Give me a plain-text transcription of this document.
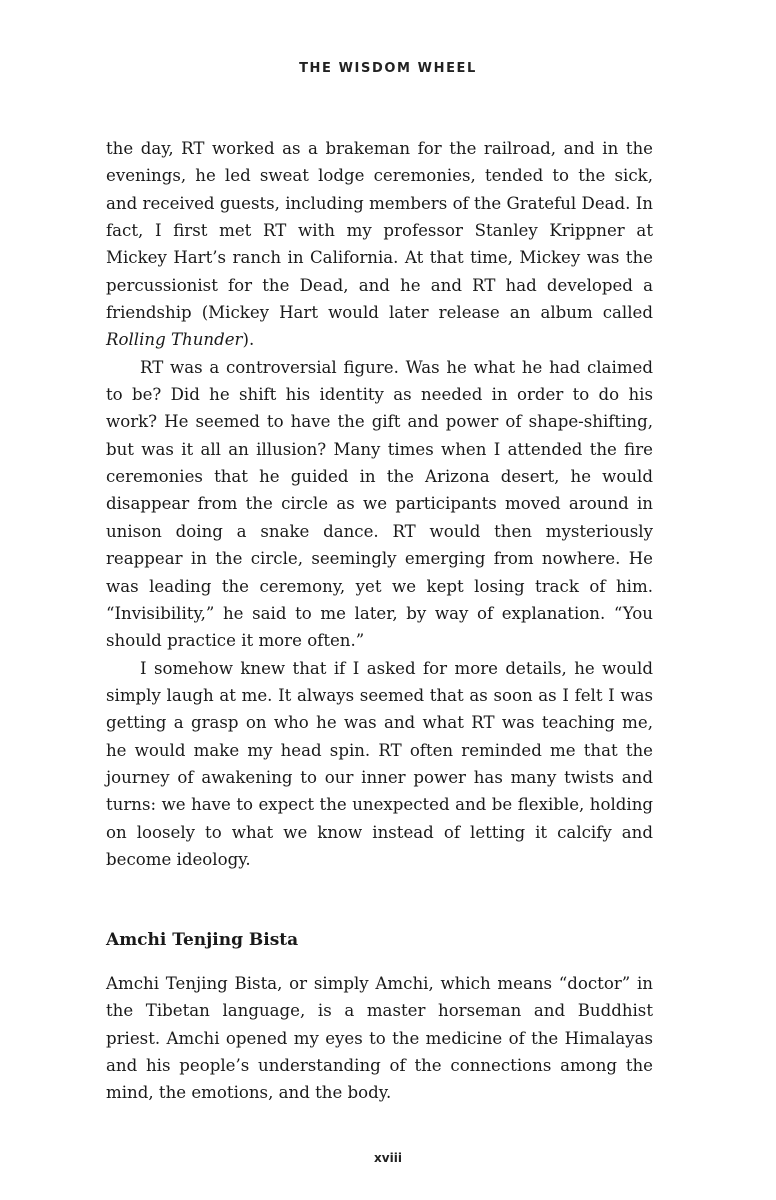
THE WISDOM WHEEL

the day, RT worked as a brakeman for the railroad, and in the evenings, he led sweat lodge ceremonies, tended to the sick, and received guests, including members of the Grateful Dead. In fact, I first met RT with my professor Stanley Krippner at Mickey Hart’s ranch in California. At that time, Mickey was the percussionist for the Dead, and he and RT had developed a friendship (Mickey Hart would later release an album called Rolling Thunder).

RT was a controversial figure. Was he what he had claimed to be? Did he shift his identity as needed in order to do his work? He seemed to have the gift and power of shape-shifting, but was it all an illusion? Many times when I attended the fire ceremonies that he guided in the Arizona desert, he would disappear from the circle as we participants moved around in unison doing a snake dance. RT would then mysteriously reappear in the circle, seemingly emerging from nowhere. He was leading the ceremony, yet we kept losing track of him. “Invisibility,” he said to me later, by way of explanation. “You should practice it more often.”

I somehow knew that if I asked for more details, he would simply laugh at me. It always seemed that as soon as I felt I was getting a grasp on who he was and what RT was teaching me, he would make my head spin. RT often reminded me that the journey of awakening to our inner power has many twists and turns: we have to expect the unexpected and be flexible, holding on loosely to what we know instead of letting it calcify and become ideology.

Amchi Tenjing Bista

Amchi Tenjing Bista, or simply Amchi, which means “doctor” in the Tibetan language, is a master horseman and Buddhist priest. Amchi opened my eyes to the medicine of the Himalayas and his people’s understanding of the connections among the mind, the emotions, and the body.

xviii
